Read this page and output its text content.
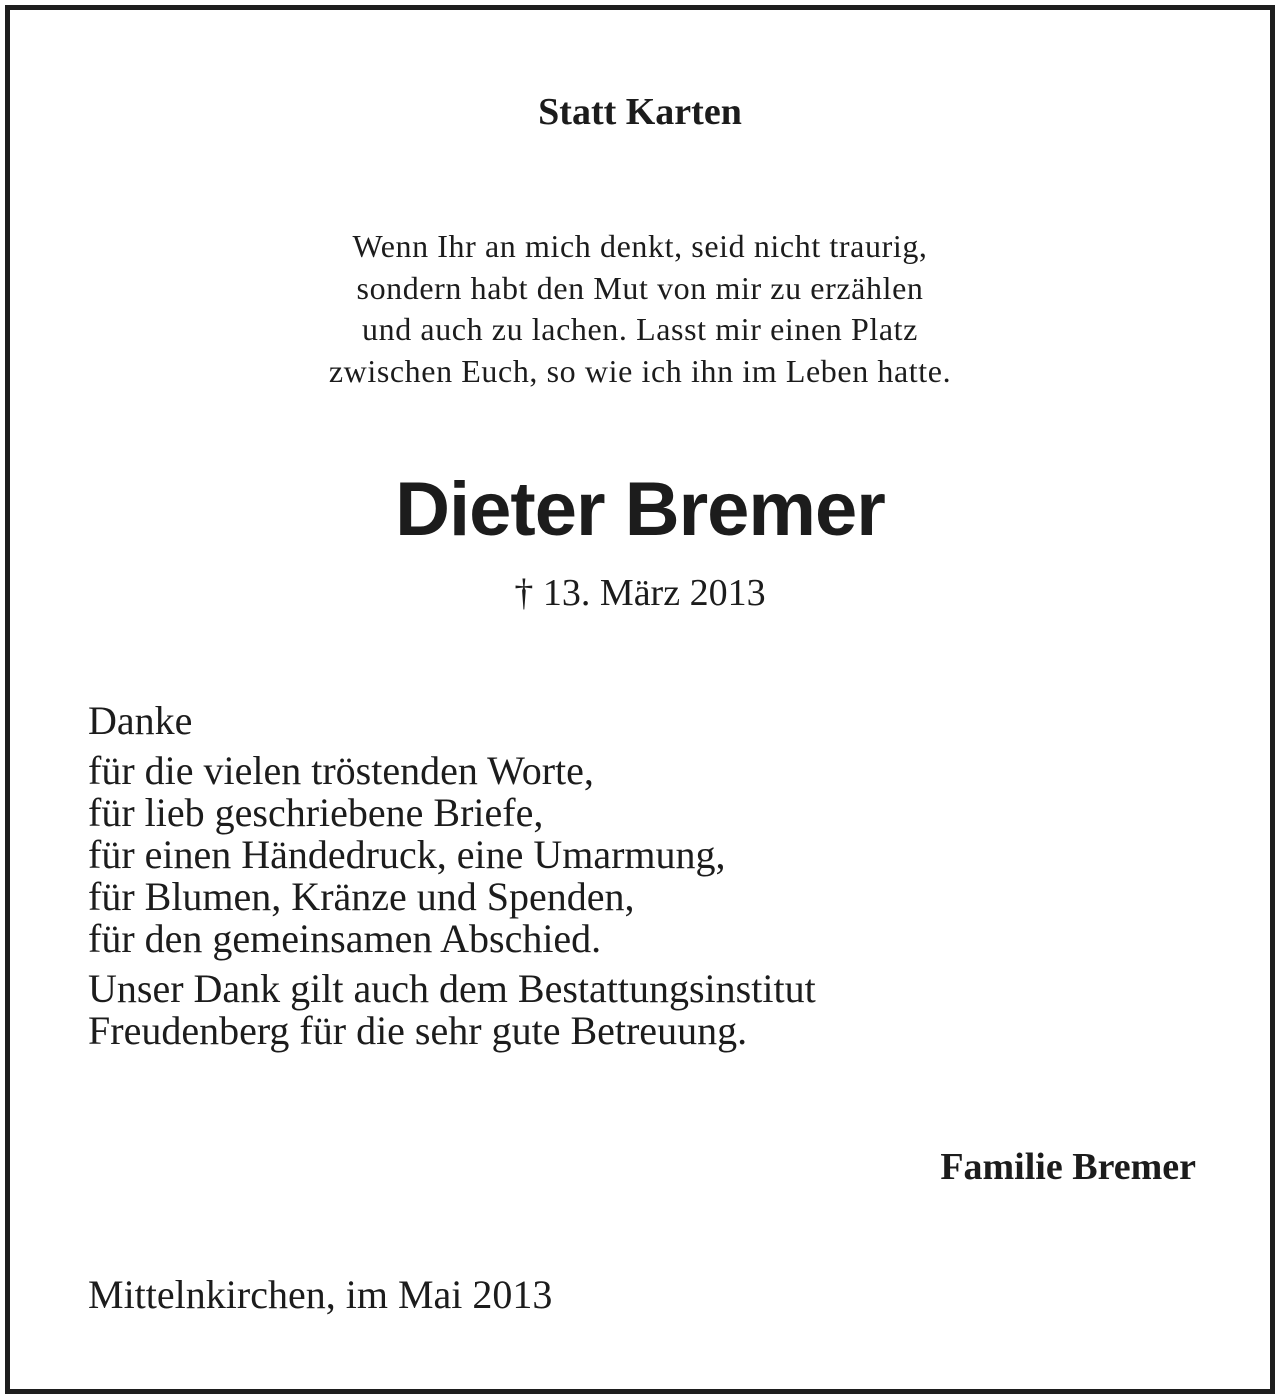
Statt Karten
Wenn Ihr an mich denkt, seid nicht traurig,
sondern habt den Mut von mir zu erzählen
und auch zu lachen. Lasst mir einen Platz
zwischen Euch, so wie ich ihn im Leben hatte.
Dieter Bremer
† 13. März 2013
Danke
für die vielen tröstenden Worte,
für lieb geschriebene Briefe,
für einen Händedruck, eine Umarmung,
für Blumen, Kränze und Spenden,
für den gemeinsamen Abschied.
Unser Dank gilt auch dem Bestattungsinstitut
Freudenberg für die sehr gute Betreuung.
Familie Bremer
Mittelnkirchen, im Mai 2013
